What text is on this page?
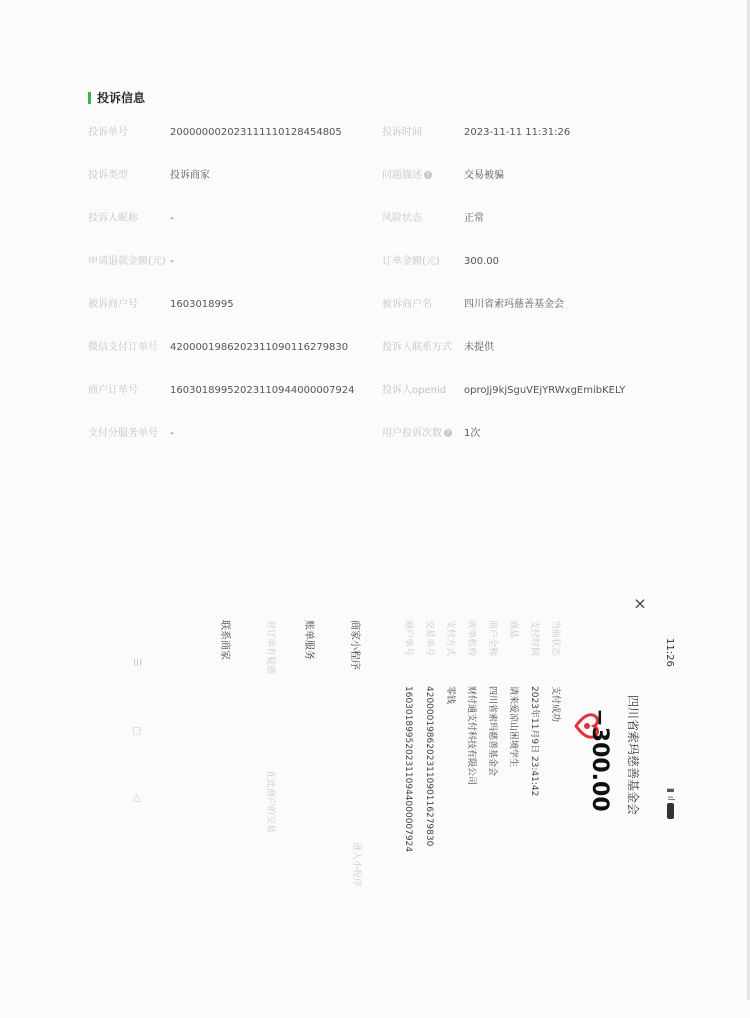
投诉信息
投诉单号	200000002023111110128454805	投诉时间	2023-11-11 11:31:26
投诉类型	投诉商家	问题描述 ?	交易被骗
投诉人昵称	-	风险状态	正常
申请退款金额(元) -	订单金额(元) 300.00
被诉商户号	1603018995	被诉商户名	四川省索玛慈善基金会
微信支付订单号 4200001986202311090116279830	投诉人联系方式 未提供
商户订单号	16030189952023110944000007924	投诉人openid oproJj9kjSguVEjYRWxgEmibKELY
支付分服务单号 -	用户投诉次数 ? 1次
11:26
▮ ıl
×
四川省索玛慈善基金会
−300.00
当前状态
支付成功
支付时间
2023年11月9日 23:41:42
商品
请来爱凉山困境学生
商户全称
四川省索玛慈善基金会
收单机构
财付通支付科技有限公司
支付方式
零钱
交易单号
4200001986202311090116279830
商户单号
16030189952023110944000007924
商家小程序
进入小程序
账单服务
对订单有疑惑
在此商户的交易
联系商家
☰
▢
◁
